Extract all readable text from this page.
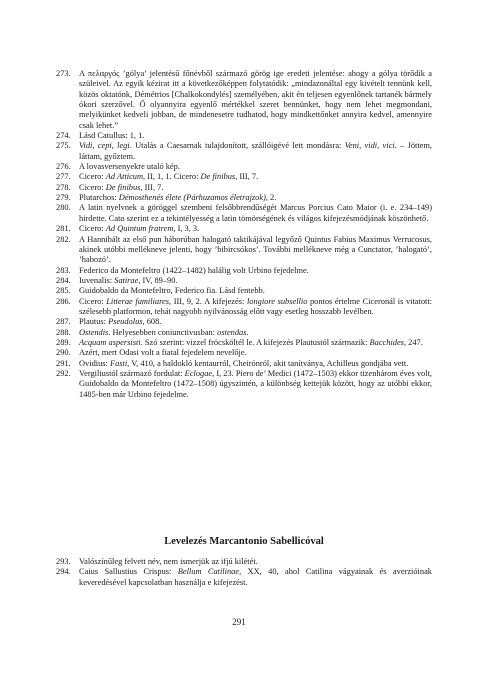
273. A πελαργός ’gólya’ jelentésű főnévből származó görög ige eredeti jelentése: ahogy a gólya törődik a szüleivel. Az egyik kézirat itt a következőképpen folytatódik: „mindazonáltal egy kivételt tennünk kell, közös oktatónk, Démétrios [Chalkokondylés] személyében, akit én teljesen egyenlőnek tartanék bármely ókori szerzővel. Ő olyannyira egyenlő mértékkel szeret bennünket, hogy nem lehet megmondani, melyikünket kedveli jobban, de mindenesetre tudhatod, hogy mindkettőnket annyira kedvel, amennyire csak lehet.”

274. Lásd Catullus: 1, 1.

275. Vidi, cepi, legi. Utalás a Caesarnak tulajdonított, szállóigévé lett mondásra: Veni, vidi, vici. – Jöttem, láttam, győztem.

276. A lovasversenyekre utaló kép.

277. Cicero: Ad Atticum, II, 1, 1. Cicero: De finibus, III, 7.

278. Cicero: De finibus, III, 7.

279. Plutarchos: Démosthenés élete (Párhuzamos életrajzok), 2.

280. A latin nyelvnek a göröggel szembeni felsőbbrendűségét Marcus Porcius Cato Maior (i. e. 234–149) hirdette. Cato szerint ez a tekintélyesség a latin tömörségének és világos kifejezésmódjának köszönhető.

281. Cicero: Ad Quintum fratrem, I, 3, 3.

282. A Hannibált az első pun háborúban halogató taktikájával legyőző Quintus Fabius Maximus Verrucosus, akinek utóbbi melléknevе jelenti, hogy ’bibircsókos’. További mellékneve még a Cunctator, ’halogató’, ’habozó’.

283. Federico da Montefeltro (1422–1482) halálig volt Urbino fejedelme.

284. Iuvenalis: Satirae, IV, 89–90.

285. Guidobaldo da Montefeltro, Federico fia. Lásd fentebb.

286. Cicero: Litterae familiares, III, 9, 2. A kifejezés: longiore subsellio pontos értelme Ciceronál is vitatott: szélesebb platformon, tehát nagyobb nyilvánosság előtt vagy esetleg hosszabb levélben.

287. Plautus: Pseudolus, 608.

288. Ostendis. Helyesebben coniunctivusban: ostendas.

289. Acquam aspersisti. Szó szerint: vizzel fröcsköltél le. A kifejezés Plautustól származik: Bacchides, 247.

290. Azért, mert Odasi volt a fiatal fejedelem nevelője.

291. Ovidius: Fasti, V, 410, a haldokló kentaurról, Cheirónról, akit tanítványa, Achilleus gondjába vett.

292. Vergiliustól származó fordulat: Eclogae, I, 23. Piero de’ Medici (1472–1503) ekkor tizenhárom éves volt, Guidobaldo da Montefeltro (1472–1508) úgyszintén, a különbség kettejük között, hogy az utóbbi ekkor, 1485-ben már Urbino fejedelme.

Levelezés Marcantonio Sabellicóval

293. Valószínűleg felvett név, nem ismerjük az ifjú kilétét.

294. Caius Sallustius Crispus: Bellum Catilinae, XX, 40, ahol Catilina vágyainak és averzióinak keveredésével kapcsolatban használja e kifejezést.

291
